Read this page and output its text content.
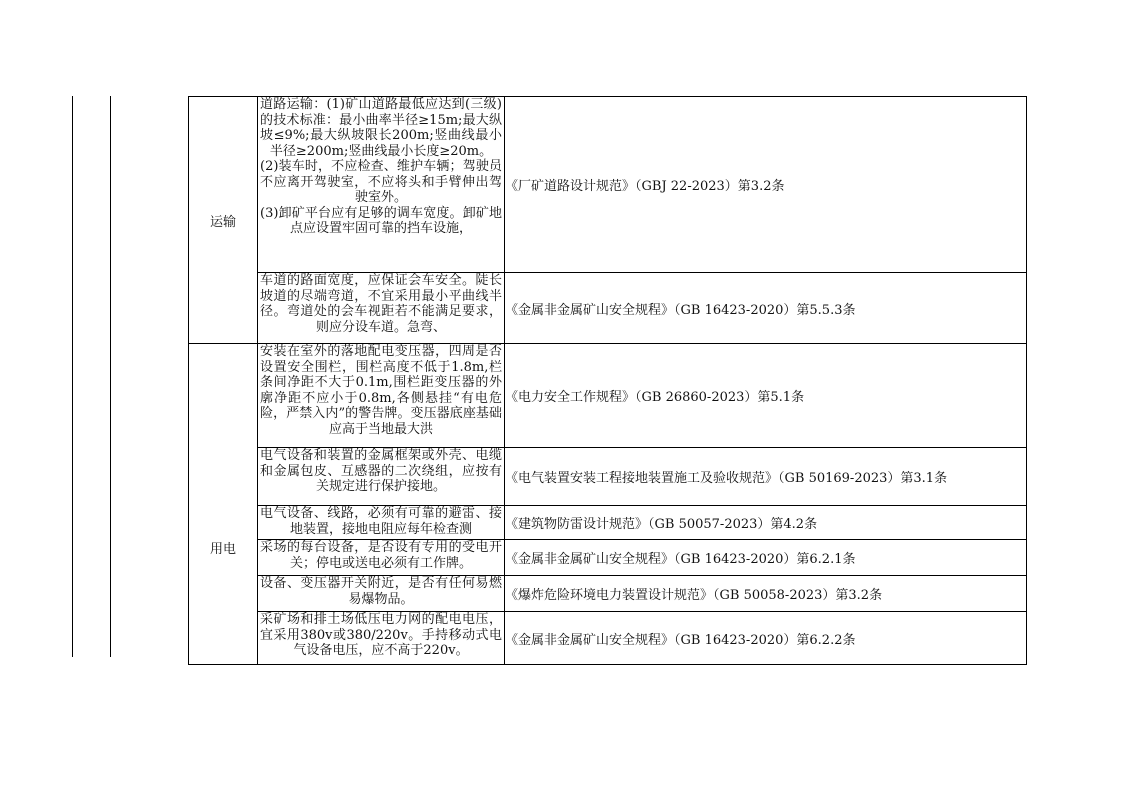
运输	道路运输：(1)矿山道路最低应达到(三级)的技术标准：最小曲率半径≥15m;最大纵坡≤9%;最大纵坡限长200m;竖曲线最小半径≥200m;竖曲线最小长度≥20m。

(2)装车时，不应检查、维护车辆；驾驶员不应离开驾驶室，不应将头和手臂伸出驾驶室外。

(3)卸矿平台应有足够的调车宽度。卸矿地点应设置牢固可靠的挡车设施，	《厂矿道路设计规范》（GBJ 22-2023）第3.2条

	车道的路面宽度，应保证会车安全。陡长坡道的尽端弯道，不宜采用最小平曲线半径。弯道处的会车视距若不能满足要求，则应分设车道。急弯、	《金属非金属矿山安全规程》（GB 16423-2020）第5.5.3条
用电	安装在室外的落地配电变压器，四周是否设置安全围栏，围栏高度不低于1.8m,栏条间净距不大于0.1m,围栏距变压器的外廓净距不应小于0.8m,各侧悬挂“有电危险，严禁入内”的警告牌。变压器底座基础应高于当地最大洪	《电力安全工作规程》（GB 26860-2023）第5.1条

	电气设备和装置的金属框架或外壳、电缆和金属包皮、互感器的二次绕组，应按有关规定进行保护接地。	《电气装置安装工程接地装置施工及验收规范》（GB 50169-2023）第3.1条

	电气设备、线路，必须有可靠的避雷、接地装置，接地电阻应每年检查测	《建筑物防雷设计规范》（GB 50057-2023）第4.2条

	采场的每台设备，是否设有专用的受电开关；停电或送电必须有工作牌。	《金属非金属矿山安全规程》（GB 16423-2020）第6.2.1条

	设备、变压器开关附近，是否有任何易燃易爆物品。	《爆炸危险环境电力装置设计规范》（GB 50058-2023）第3.2条

	采矿场和排土场低压电力网的配电电压，宜采用380v或380/220v。手持移动式电气设备电压，应不高于220v。	《金属非金属矿山安全规程》（GB 16423-2020）第6.2.2条
